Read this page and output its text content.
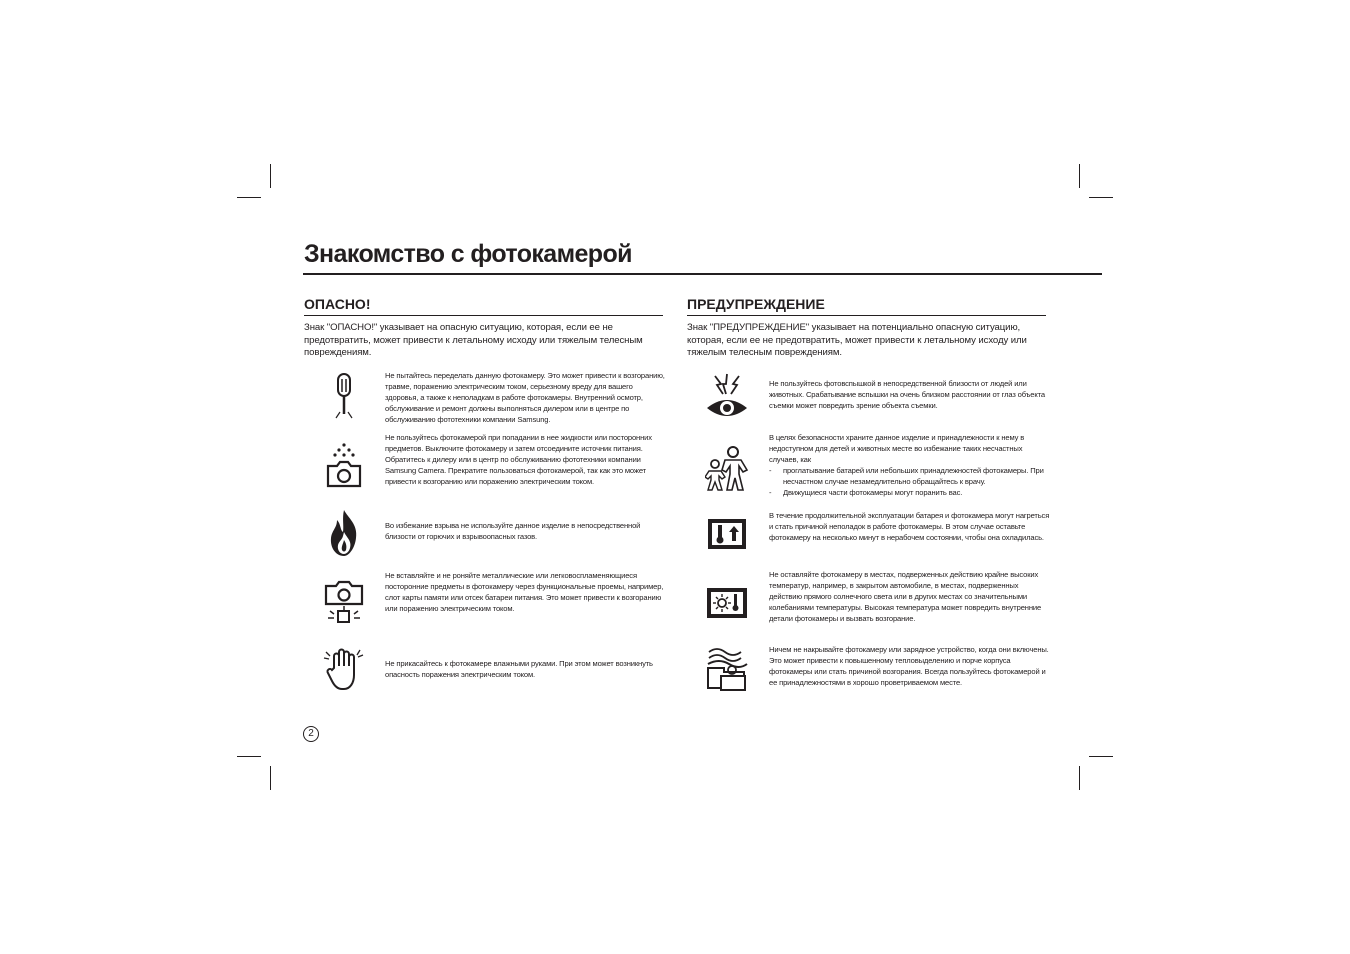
Знакомство с фотокамерой
ОПАСНО!

Знак "ОПАСНО!" указывает на опасную ситуацию, которая, если ее не предотвратить, может привести к летальному исходу или тяжелым телесным повреждениям.

Не пытайтесь переделать данную фотокамеру. Это может привести к возгоранию, травме, поражению электрическим током, серьезному вреду для вашего здоровья, а также к неполадкам в работе фотокамеры. Внутренний осмотр, обслуживание и ремонт должны выполняться дилером или в центре по обслуживанию фототехники компании Samsung.
Не пользуйтесь фотокамерой при попадании в нее жидкости или посторонних предметов. Выключите фотокамеру и затем отсоедините источник питания. Обратитесь к дилеру или в центр по обслуживанию фототехники компании Samsung Camera. Прекратите пользоваться фотокамерой, так как это может привести к возгоранию или поражению электрическим током.
Во избежание взрыва не используйте данное изделие в непосредственной близости от горючих и взрывоопасных газов.
Не вставляйте и не роняйте металлические или легковоспламеняющиеся посторонние предметы в фотокамеру через функциональные проемы, например, слот карты памяти или отсек батареи питания. Это может привести к возгоранию или поражению электрическим током.
Не прикасайтесь к фотокамере влажными руками. При этом может возникнуть опасность поражения электрическим током.
ПРЕДУПРЕЖДЕНИЕ

Знак "ПРЕДУПРЕЖДЕНИЕ" указывает на потенциально опасную ситуацию, которая, если ее не предотвратить, может привести к летальному исходу или тяжелым телесным повреждениям.

Не пользуйтесь фотовспышкой в непосредственной близости от людей или животных. Срабатывание вспышки на очень близком расстоянии от глаз объекта съемки может повредить зрение объекта съемки.
В целях безопасности храните данное изделие и принадлежности к нему в недоступном для детей и животных месте во избежание таких несчастных случаев, как
- проглатывание батарей или небольших принадлежностей фотокамеры. При несчастном случае незамедлительно обращайтесь к врачу.
- Движущиеся части фотокамеры могут поранить вас.
В течение продолжительной эксплуатации батарея и фотокамера могут нагреться и стать причиной неполадок в работе фотокамеры. В этом случае оставьте фотокамеру на несколько минут в нерабочем состоянии, чтобы она охладилась.
Не оставляйте фотокамеру в местах, подверженных действию крайне высоких температур, например, в закрытом автомобиле, в местах, подверженных действию прямого солнечного света или в других местах со значительными колебаниями температуры. Высокая температура может повредить внутренние детали фотокамеры и вызвать возгорание.
Ничем не накрывайте фотокамеру или зарядное устройство, когда они включены. Это может привести к повышенному тепловыделению и порче корпуса фотокамеры или стать причиной возгорания. Всегда пользуйтесь фотокамерой и ее принадлежностями в хорошо проветриваемом месте.
2
